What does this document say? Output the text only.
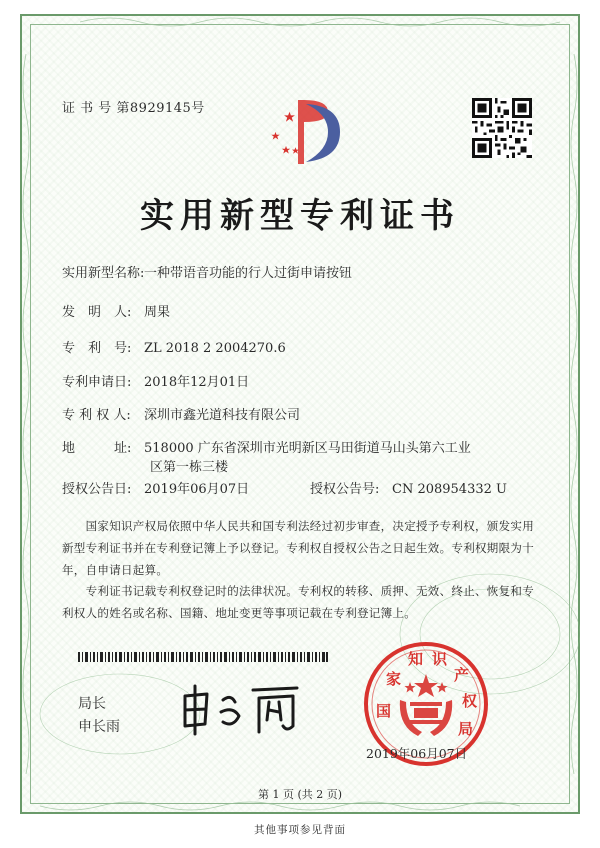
证 书 号 第8929145号
实用新型专利证书
实用新型名称:一种带语音功能的行人过街申请按钮
发　明　人: 周果
专　利　号: ZL 2018 2 2004270.6
专利申请日: 2018年12月01日
专 利 权 人: 深圳市鑫光道科技有限公司
地　　　址: 518000 广东省深圳市光明新区马田街道马山头第六工业
区第一栋三楼
授权公告日: 2019年06月07日	授权公告号: CN 208954332 U
　　国家知识产权局依照中华人民共和国专利法经过初步审查，决定授予专利权，颁发实用新型专利证书并在专利登记簿上予以登记。专利权自授权公告之日起生效。专利权期限为十年，自申请日起算。
　　专利证书记载专利权登记时的法律状况。专利权的转移、质押、无效、终止、恢复和专利权人的姓名或名称、国籍、地址变更等事项记载在专利登记簿上。
局长
申长雨
国
家
知 识
产
权
局
2019年06月07日
第 1 页 (共 2 页)
其他事项参见背面
